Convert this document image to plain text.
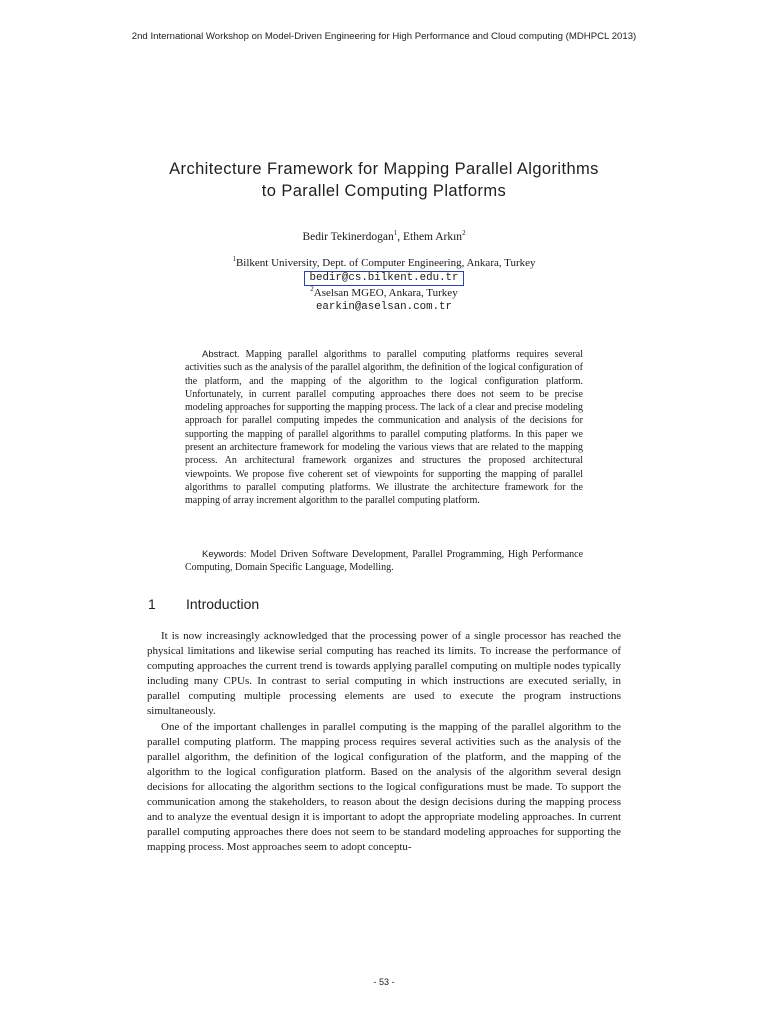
2nd International Workshop on Model-Driven Engineering for High Performance and Cloud computing (MDHPCL 2013)
Architecture Framework for Mapping Parallel Algorithms
to Parallel Computing Platforms
Bedir Tekinerdogan$^1$, Ethem Arkın$^2$
$^1$Bilkent University, Dept. of Computer Engineering, Ankara, Turkey
bedir@cs.bilkent.edu.tr
$^2$Aselsan MGEO, Ankara, Turkey
earkin@aselsan.com.tr

Abstract. Mapping parallel algorithms to parallel computing platforms requires several activities such as the analysis of the parallel algorithm, the definition of the logical configuration of the platform, and the mapping of the algorithm to the logical configuration platform. Unfortunately, in current parallel computing approaches there does not seem to be precise modeling approaches for supporting the mapping process. The lack of a clear and precise modeling approach for parallel computing impedes the communication and analysis of the decisions for supporting the mapping of parallel algorithms to parallel computing platforms. In this paper we present an architecture framework for modeling the various views that are related to the mapping process. An architectural framework organizes and structures the proposed architectural viewpoints. We propose five coherent set of viewpoints for supporting the mapping of parallel algorithms to parallel computing platforms. We illustrate the architecture framework for the mapping of array increment algorithm to the parallel computing platform.

Keywords: Model Driven Software Development, Parallel Programming, High Performance Computing, Domain Specific Language, Modelling.

1 Introduction

It is now increasingly acknowledged that the processing power of a single processor has reached the physical limitations and likewise serial computing has reached its limits. To increase the performance of computing approaches the current trend is towards applying parallel computing on multiple nodes typically including many CPUs. In contrast to serial computing in which instructions are executed serially, in parallel computing multiple processing elements are used to execute the program instructions simultaneously.

One of the important challenges in parallel computing is the mapping of the parallel algorithm to the parallel computing platform. The mapping process requires several activities such as the analysis of the parallel algorithm, the definition of the logical configuration of the platform, and the mapping of the algorithm to the logical configuration platform. Based on the analysis of the algorithm several design decisions for allocating the algorithm sections to the logical configurations must be made. To support the communication among the stakeholders, to reason about the design decisions during the mapping process and to analyze the eventual design it is important to adopt the appropriate modeling approaches. In current parallel computing approaches there does not seem to be standard modeling approaches for supporting the mapping process. Most approaches seem to adopt conceptu-

- 53 -
